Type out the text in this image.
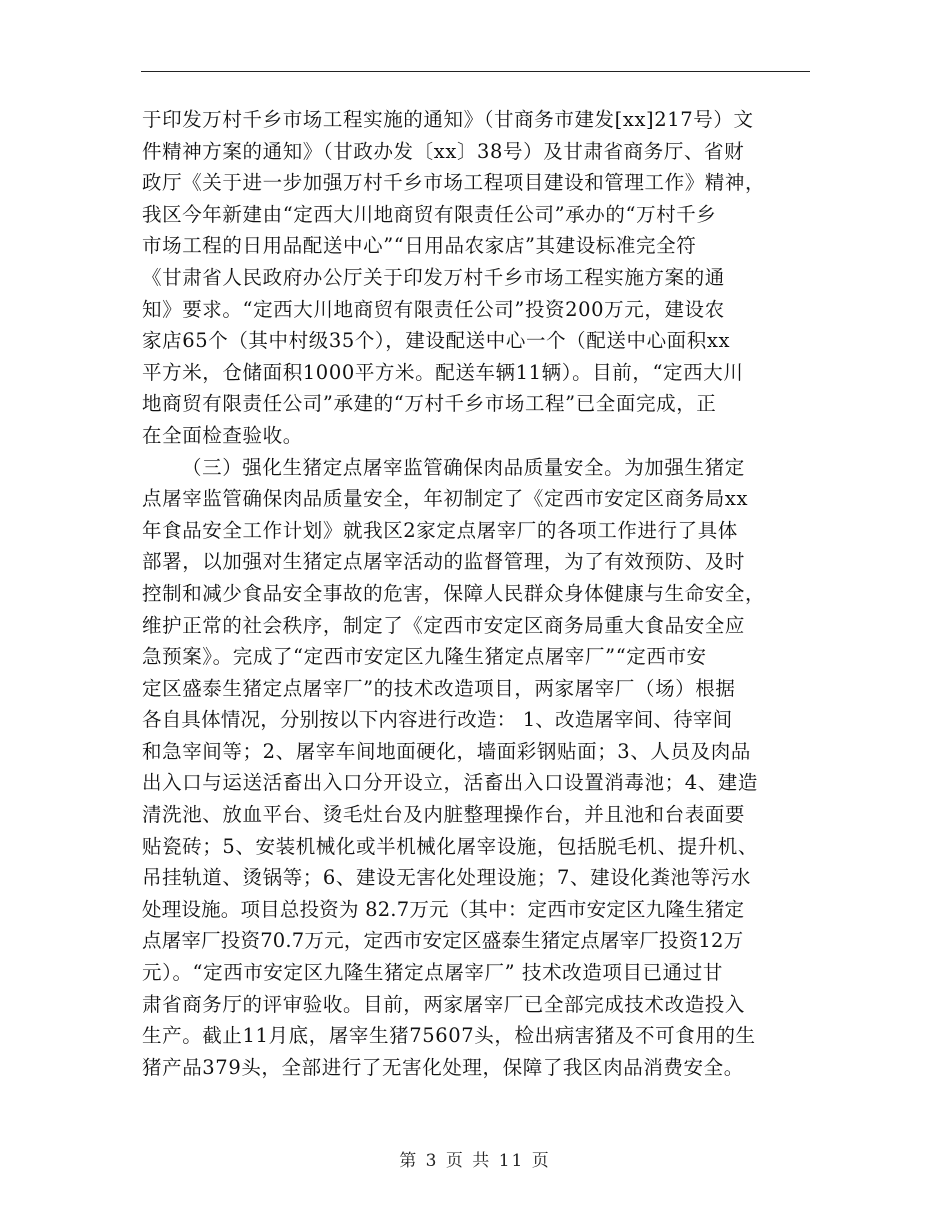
于印发万村千乡市场工程实施的通知》（甘商务市建发[xx]217号）文
件精神方案的通知》（甘政办发〔xx〕38号）及甘肃省商务厅、省财
政厅《关于进一步加强万村千乡市场工程项目建设和管理工作》精神，
我区今年新建由“定西大川地商贸有限责任公司”承办的“万村千乡
市场工程的日用品配送中心”“日用品农家店”其建设标准完全符
《甘肃省人民政府办公厅关于印发万村千乡市场工程实施方案的通
知》要求。“定西大川地商贸有限责任公司”投资200万元，建设农
家店65个（其中村级35个），建设配送中心一个（配送中心面积xx
平方米，仓储面积1000平方米。配送车辆11辆）。目前，“定西大川
地商贸有限责任公司”承建的“万村千乡市场工程”已全面完成，正
在全面检查验收。
（三）强化生猪定点屠宰监管确保肉品质量安全。为加强生猪定
点屠宰监管确保肉品质量安全，年初制定了《定西市安定区商务局xx
年食品安全工作计划》就我区2家定点屠宰厂的各项工作进行了具体
部署，以加强对生猪定点屠宰活动的监督管理，为了有效预防、及时
控制和减少食品安全事故的危害，保障人民群众身体健康与生命安全，
维护正常的社会秩序，制定了《定西市安定区商务局重大食品安全应
急预案》。完成了“定西市安定区九隆生猪定点屠宰厂”“定西市安
定区盛泰生猪定点屠宰厂”的技术改造项目，两家屠宰厂（场）根据
各自具体情况，分别按以下内容进行改造： 1、改造屠宰间、待宰间
和急宰间等；2、屠宰车间地面硬化，墙面彩钢贴面；3、人员及肉品
出入口与运送活畜出入口分开设立，活畜出入口设置消毒池；4、建造
清洗池、放血平台、烫毛灶台及内脏整理操作台，并且池和台表面要
贴瓷砖；5、安装机械化或半机械化屠宰设施，包括脱毛机、提升机、
吊挂轨道、烫锅等；6、建设无害化处理设施；7、建设化粪池等污水
处理设施。项目总投资为 82.7万元（其中：定西市安定区九隆生猪定
点屠宰厂投资70.7万元，定西市安定区盛泰生猪定点屠宰厂投资12万
元）。“定西市安定区九隆生猪定点屠宰厂” 技术改造项目已通过甘
肃省商务厅的评审验收。目前，两家屠宰厂已全部完成技术改造投入
生产。截止11月底，屠宰生猪75607头，检出病害猪及不可食用的生
猪产品379头，全部进行了无害化处理，保障了我区肉品消费安全。
第 3 页 共 11 页
